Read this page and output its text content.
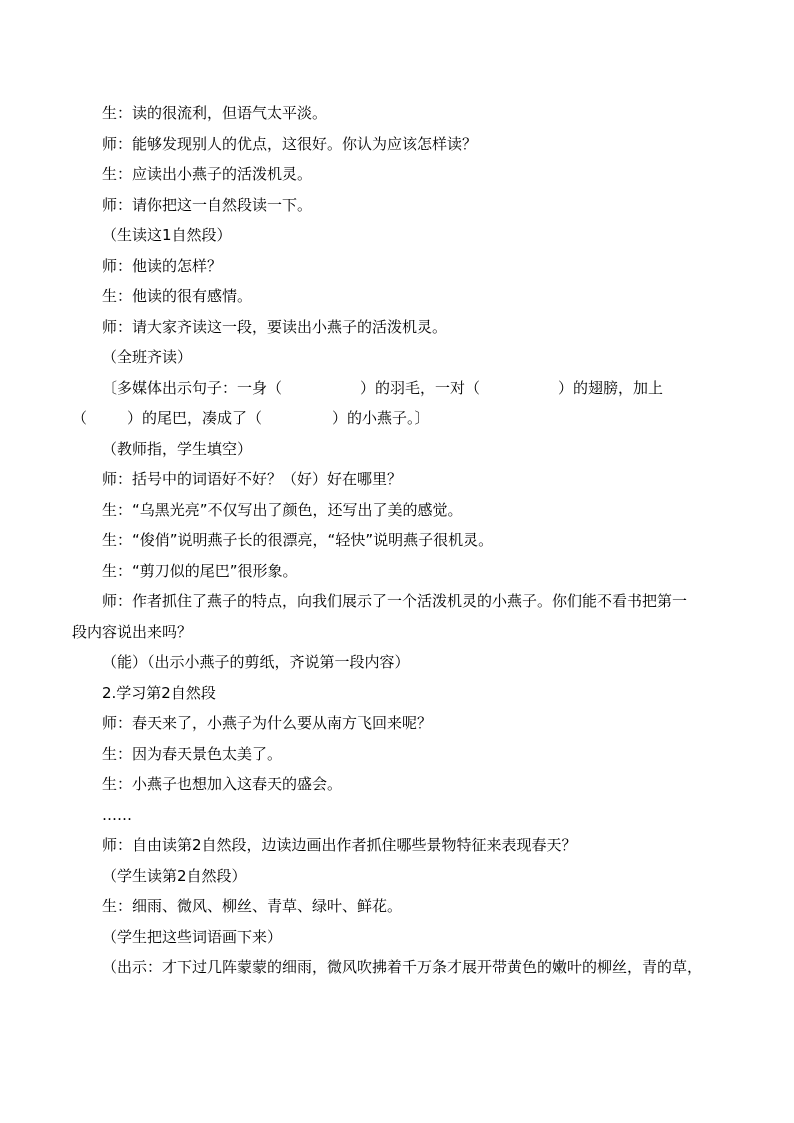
生：读的很流利，但语气太平淡。
师：能够发现别人的优点，这很好。你认为应该怎样读？
生：应读出小燕子的活泼机灵。
师：请你把这一自然段读一下。
（生读这1自然段）
师：他读的怎样？
生：他读的很有感情。
师：请大家齐读这一段，要读出小燕子的活泼机灵。
（全班齐读）
〔多媒体出示句子：一身（	）的羽毛，一对（	）的翅膀，加上
（	）的尾巴，凑成了（	）的小燕子。〕
（教师指，学生填空）
师：括号中的词语好不好？（好）好在哪里？
生：“乌黑光亮”不仅写出了颜色，还写出了美的感觉。
生：“俊俏”说明燕子长的很漂亮，“轻快”说明燕子很机灵。
生：“剪刀似的尾巴”很形象。
师：作者抓住了燕子的特点，向我们展示了一个活泼机灵的小燕子。你们能不看书把第一
段内容说出来吗？
（能）（出示小燕子的剪纸，齐说第一段内容）
2.学习第2自然段
师：春天来了，小燕子为什么要从南方飞回来呢？
生：因为春天景色太美了。
生：小燕子也想加入这春天的盛会。
……
师：自由读第2自然段，边读边画出作者抓住哪些景物特征来表现春天？
（学生读第2自然段）
生：细雨、微风、柳丝、青草、绿叶、鲜花。
（学生把这些词语画下来）
（出示：才下过几阵蒙蒙的细雨，微风吹拂着千万条才展开带黄色的嫩叶的柳丝，青的草，
